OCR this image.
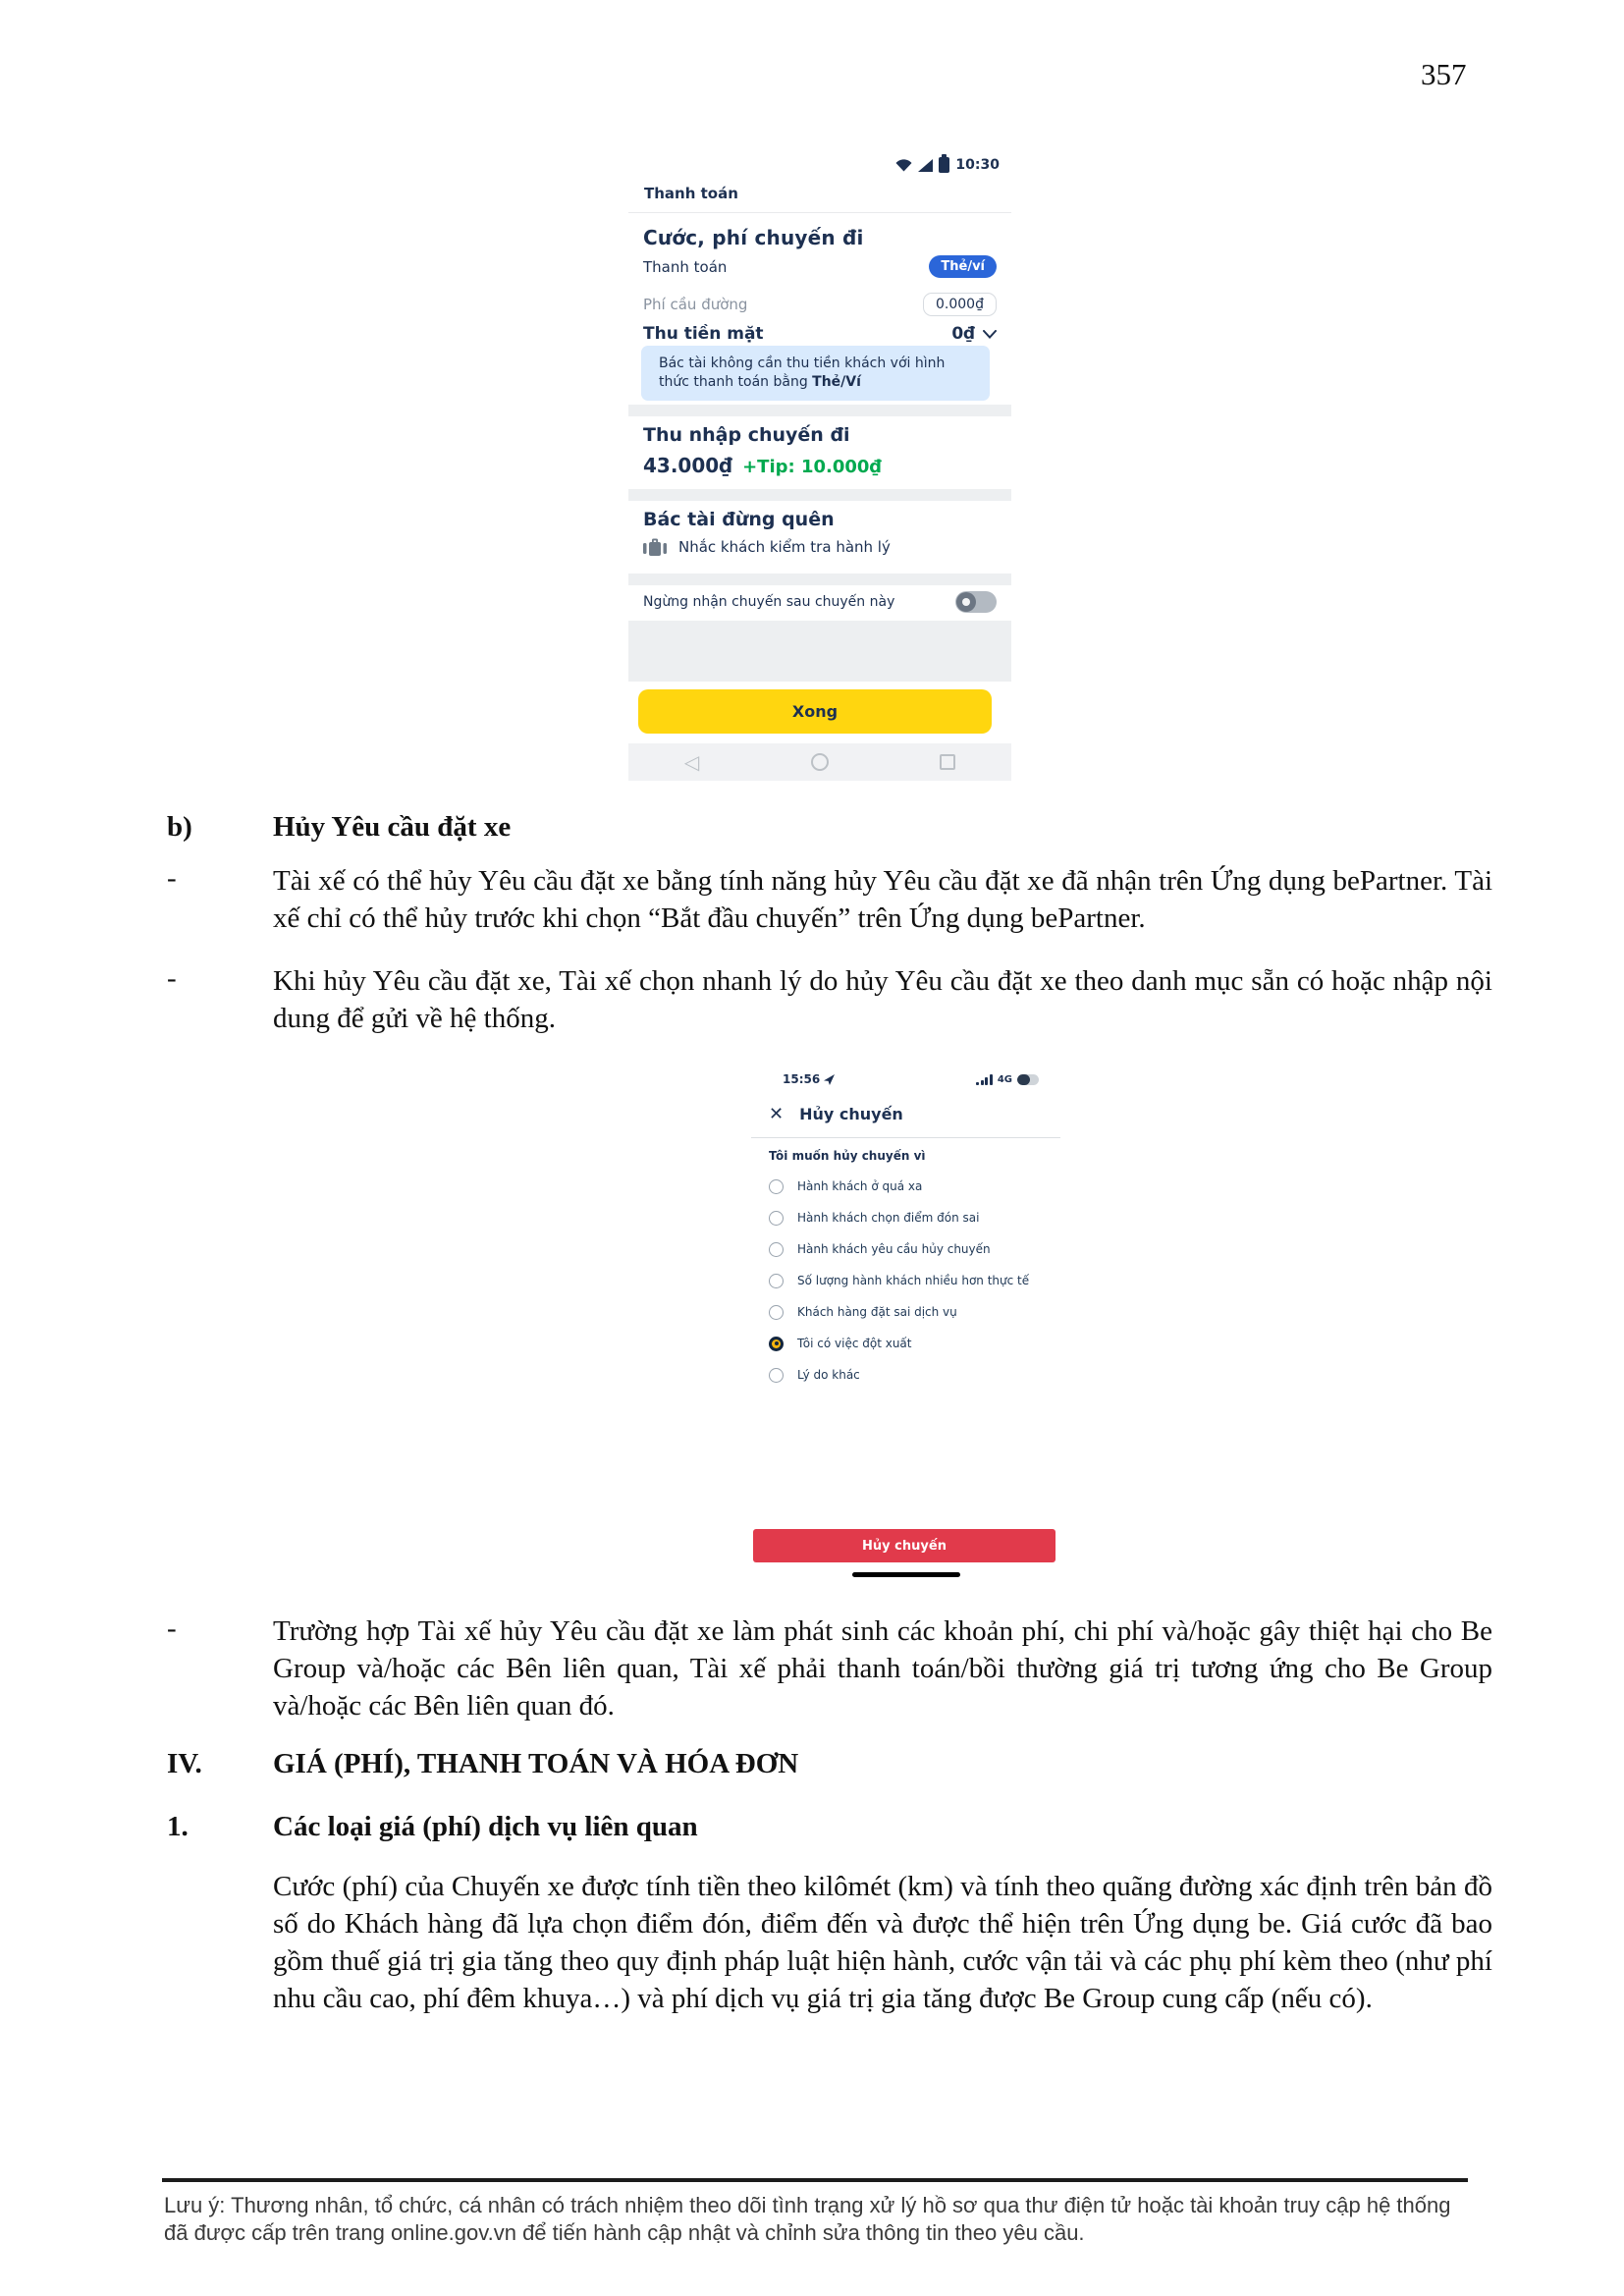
357
10:30
Thanh toán
Cước, phí chuyến đi
Thanh toán	Thẻ/ví
Phí cầu đường	0.000₫
Thu tiền mặt	0₫
Bác tài không cần thu tiền khách với hình thức thanh toán bằng Thẻ/Ví
Thu nhập chuyến đi
43.000₫ +Tip: 10.000₫
Bác tài đừng quên
Nhắc khách kiểm tra hành lý
Ngừng nhận chuyến sau chuyến này
Xong
◁
b)	Hủy Yêu cầu đặt xe
-	Tài xế có thể hủy Yêu cầu đặt xe bằng tính năng hủy Yêu cầu đặt xe đã nhận trên Ứng dụng bePartner. Tài xế chỉ có thể hủy trước khi chọn “Bắt đầu chuyến” trên Ứng dụng bePartner.
-	Khi hủy Yêu cầu đặt xe, Tài xế chọn nhanh lý do hủy Yêu cầu đặt xe theo danh mục sẵn có hoặc nhập nội dung để gửi về hệ thống.
15:56	4G
✕ Hủy chuyến
Tôi muốn hủy chuyến vì
Hành khách ở quá xa
Hành khách chọn điểm đón sai
Hành khách yêu cầu hủy chuyến
Số lượng hành khách nhiều hơn thực tế
Khách hàng đặt sai dịch vụ
Tôi có việc đột xuất
Lý do khác
Hủy chuyến
-	Trường hợp Tài xế hủy Yêu cầu đặt xe làm phát sinh các khoản phí, chi phí và/hoặc gây thiệt hại cho Be Group và/hoặc các Bên liên quan, Tài xế phải thanh toán/bồi thường giá trị tương ứng cho Be Group và/hoặc các Bên liên quan đó.
IV. GIÁ (PHÍ), THANH TOÁN VÀ HÓA ĐƠN
1.	Các loại giá (phí) dịch vụ liên quan
Cước (phí) của Chuyến xe được tính tiền theo kilômét (km) và tính theo quãng đường xác định trên bản đồ số do Khách hàng đã lựa chọn điểm đón, điểm đến và được thể hiện trên Ứng dụng be. Giá cước đã bao gồm thuế giá trị gia tăng theo quy định pháp luật hiện hành, cước vận tải và các phụ phí kèm theo (như phí nhu cầu cao, phí đêm khuya…) và phí dịch vụ giá trị gia tăng được Be Group cung cấp (nếu có).
Lưu ý: Thương nhân, tổ chức, cá nhân có trách nhiệm theo dõi tình trạng xử lý hồ sơ qua thư điện tử hoặc tài khoản truy cập hệ thống đã được cấp trên trang online.gov.vn để tiến hành cập nhật và chỉnh sửa thông tin theo yêu cầu.
